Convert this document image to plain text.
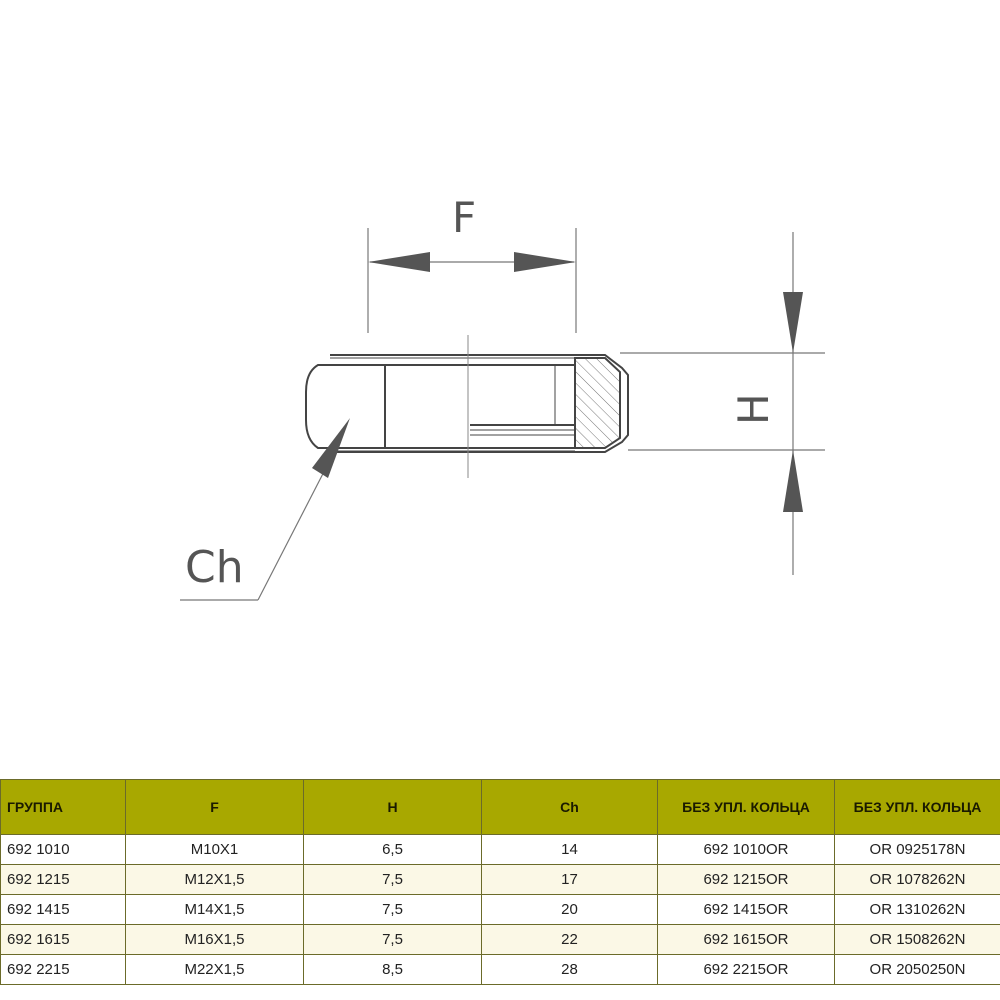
F
H
Ch
ГРУППА	F	H	Ch	БЕЗ УПЛ. КОЛЬЦА	БЕЗ УПЛ. КОЛЬЦА
692 1010	M10X1	6,5	14	692 1010OR	OR 0925178N
692 1215	M12X1,5	7,5	17	692 1215OR	OR 1078262N
692 1415	M14X1,5	7,5	20	692 1415OR	OR 1310262N
692 1615	M16X1,5	7,5	22	692 1615OR	OR 1508262N
692 2215	M22X1,5	8,5	28	692 2215OR	OR 2050250N
